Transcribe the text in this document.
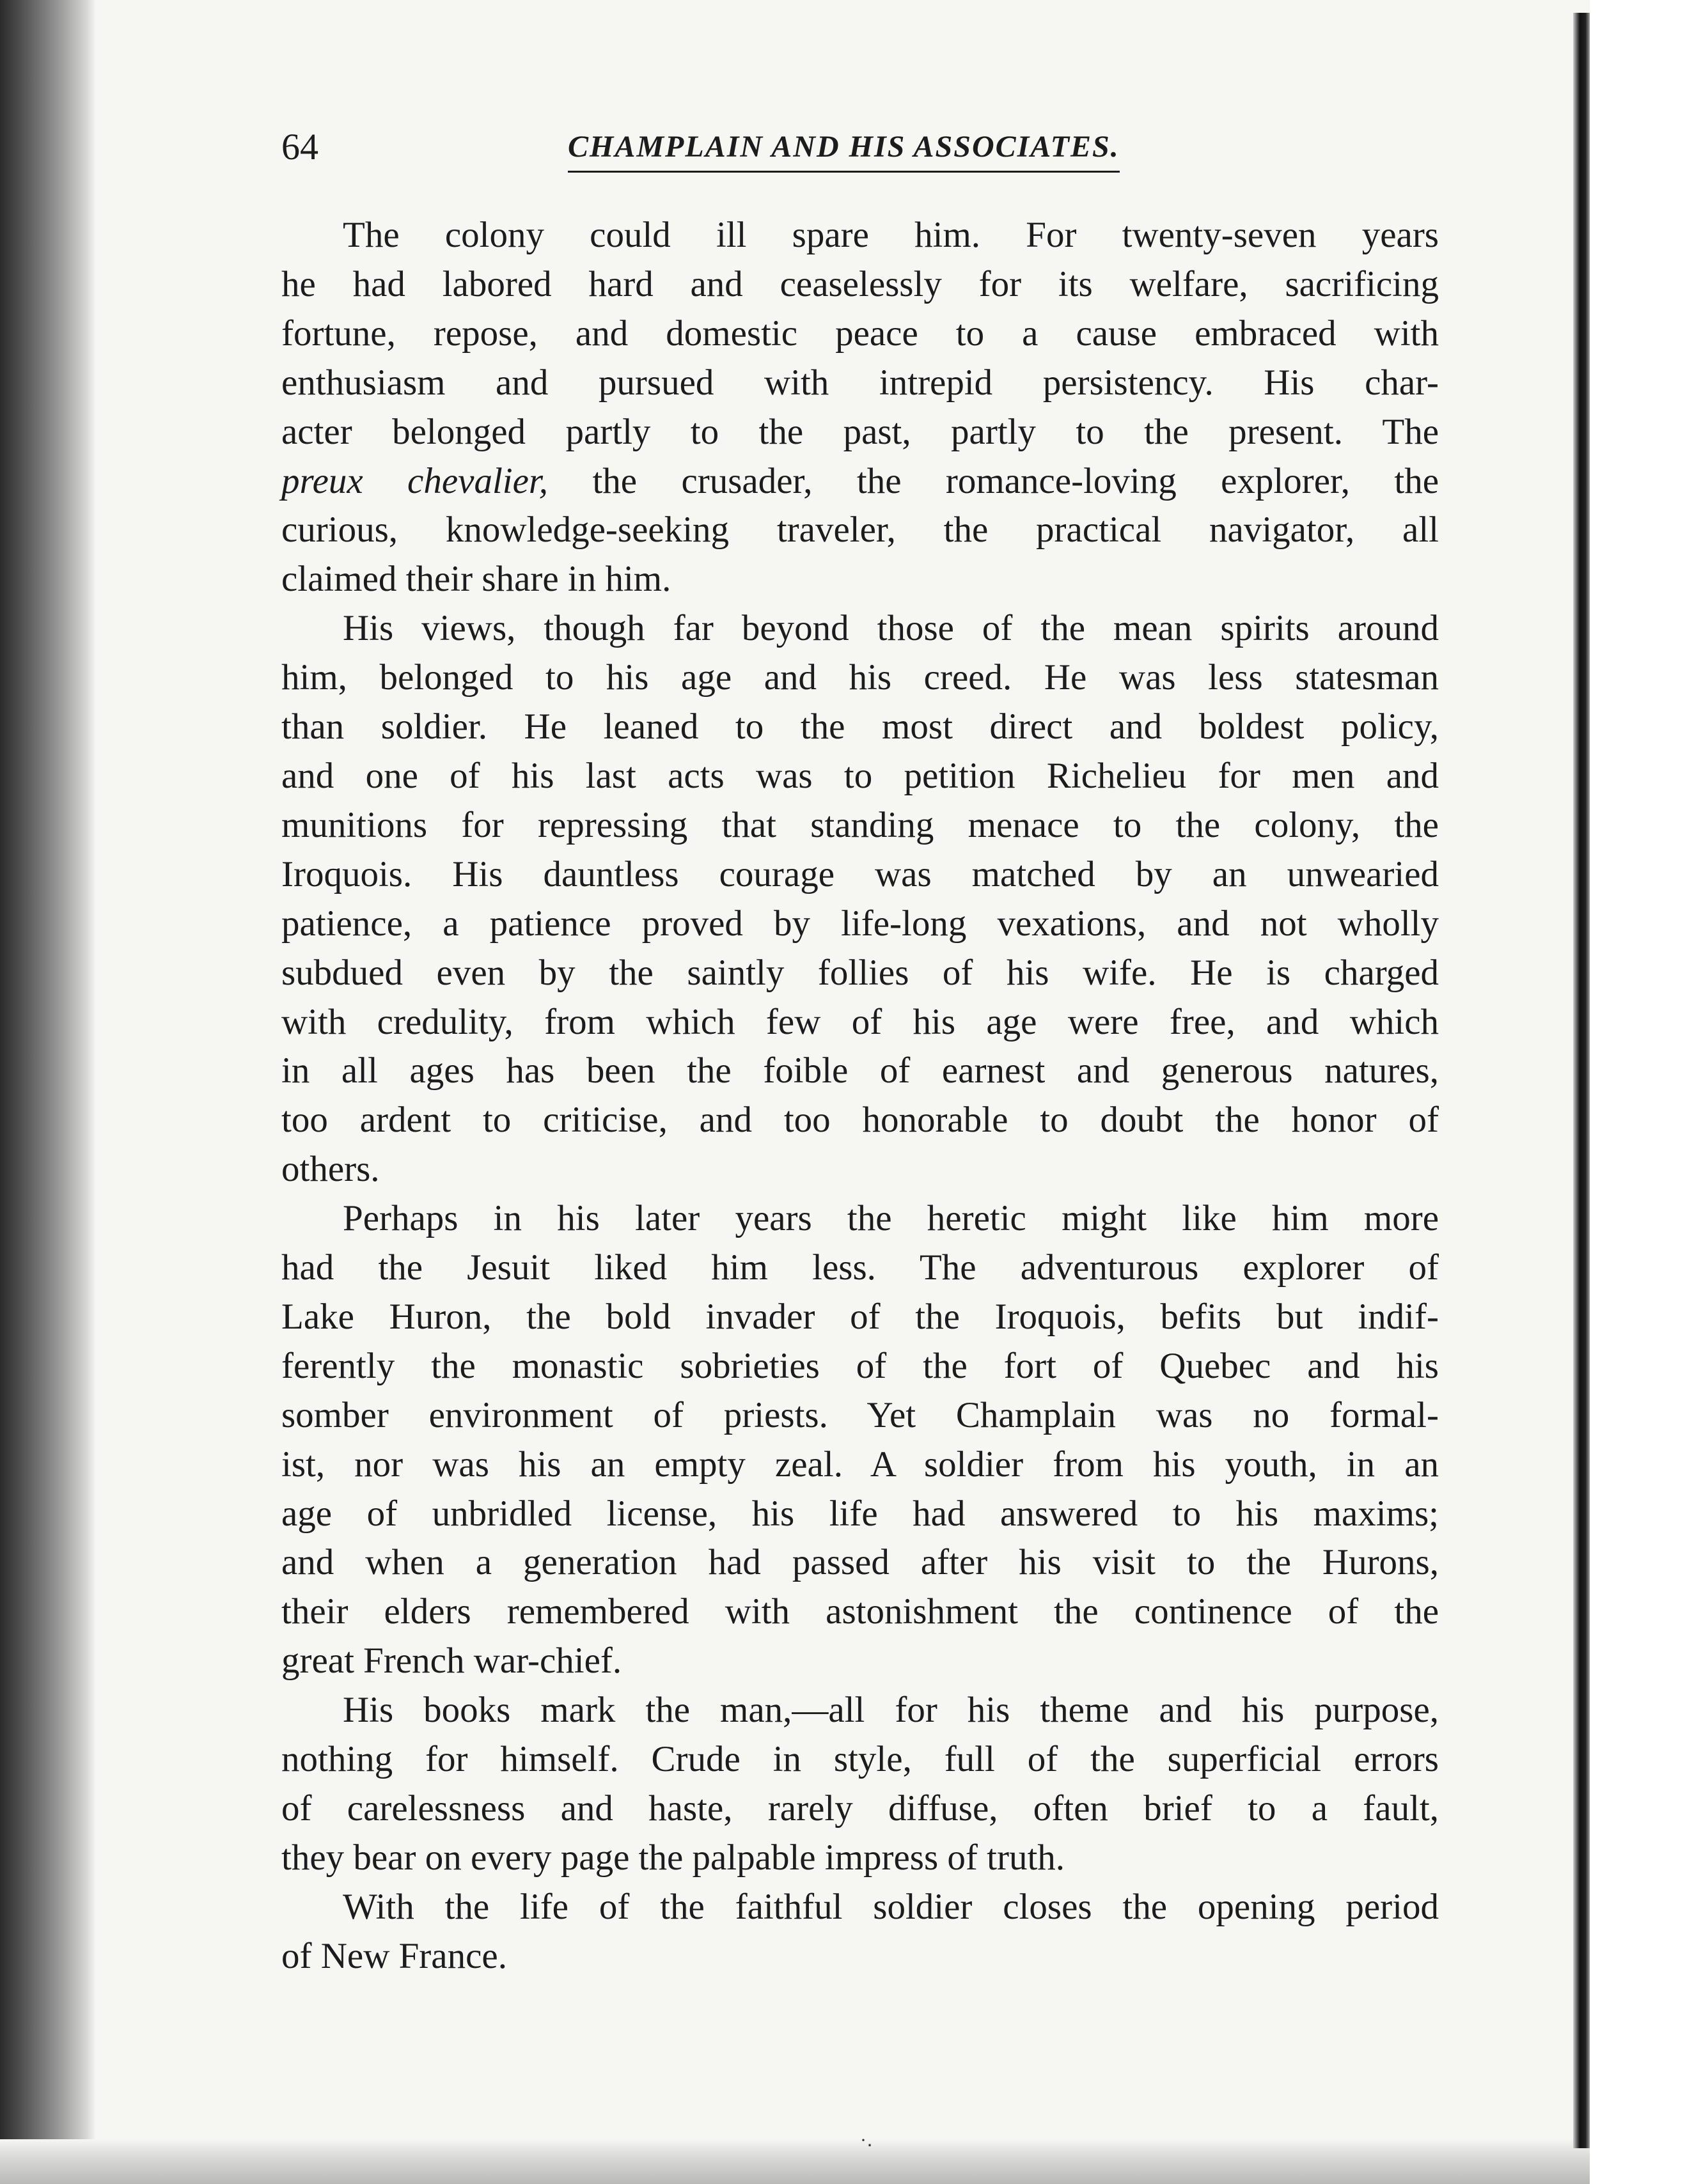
64	CHAMPLAIN AND HIS ASSOCIATES.
The colony could ill spare him. For twenty-seven years
he had labored hard and ceaselessly for its welfare, sacrificing
fortune, repose, and domestic peace to a cause embraced with
enthusiasm and pursued with intrepid persistency. His char-
acter belonged partly to the past, partly to the present. The
preux chevalier, the crusader, the romance-loving explorer, the
curious, knowledge-seeking traveler, the practical navigator, all
claimed their share in him.
His views, though far beyond those of the mean spirits around
him, belonged to his age and his creed. He was less statesman
than soldier. He leaned to the most direct and boldest policy,
and one of his last acts was to petition Richelieu for men and
munitions for repressing that standing menace to the colony, the
Iroquois. His dauntless courage was matched by an unwearied
patience, a patience proved by life-long vexations, and not wholly
subdued even by the saintly follies of his wife. He is charged
with credulity, from which few of his age were free, and which
in all ages has been the foible of earnest and generous natures,
too ardent to criticise, and too honorable to doubt the honor of
others.
Perhaps in his later years the heretic might like him more
had the Jesuit liked him less. The adventurous explorer of
Lake Huron, the bold invader of the Iroquois, befits but indif-
ferently the monastic sobrieties of the fort of Quebec and his
somber environment of priests. Yet Champlain was no formal-
ist, nor was his an empty zeal. A soldier from his youth, in an
age of unbridled license, his life had answered to his maxims;
and when a generation had passed after his visit to the Hurons,
their elders remembered with astonishment the continence of the
great French war-chief.
His books mark the man,—all for his theme and his purpose,
nothing for himself. Crude in style, full of the superficial errors
of carelessness and haste, rarely diffuse, often brief to a fault,
they bear on every page the palpable impress of truth.
With the life of the faithful soldier closes the opening period
of New France.
·․
